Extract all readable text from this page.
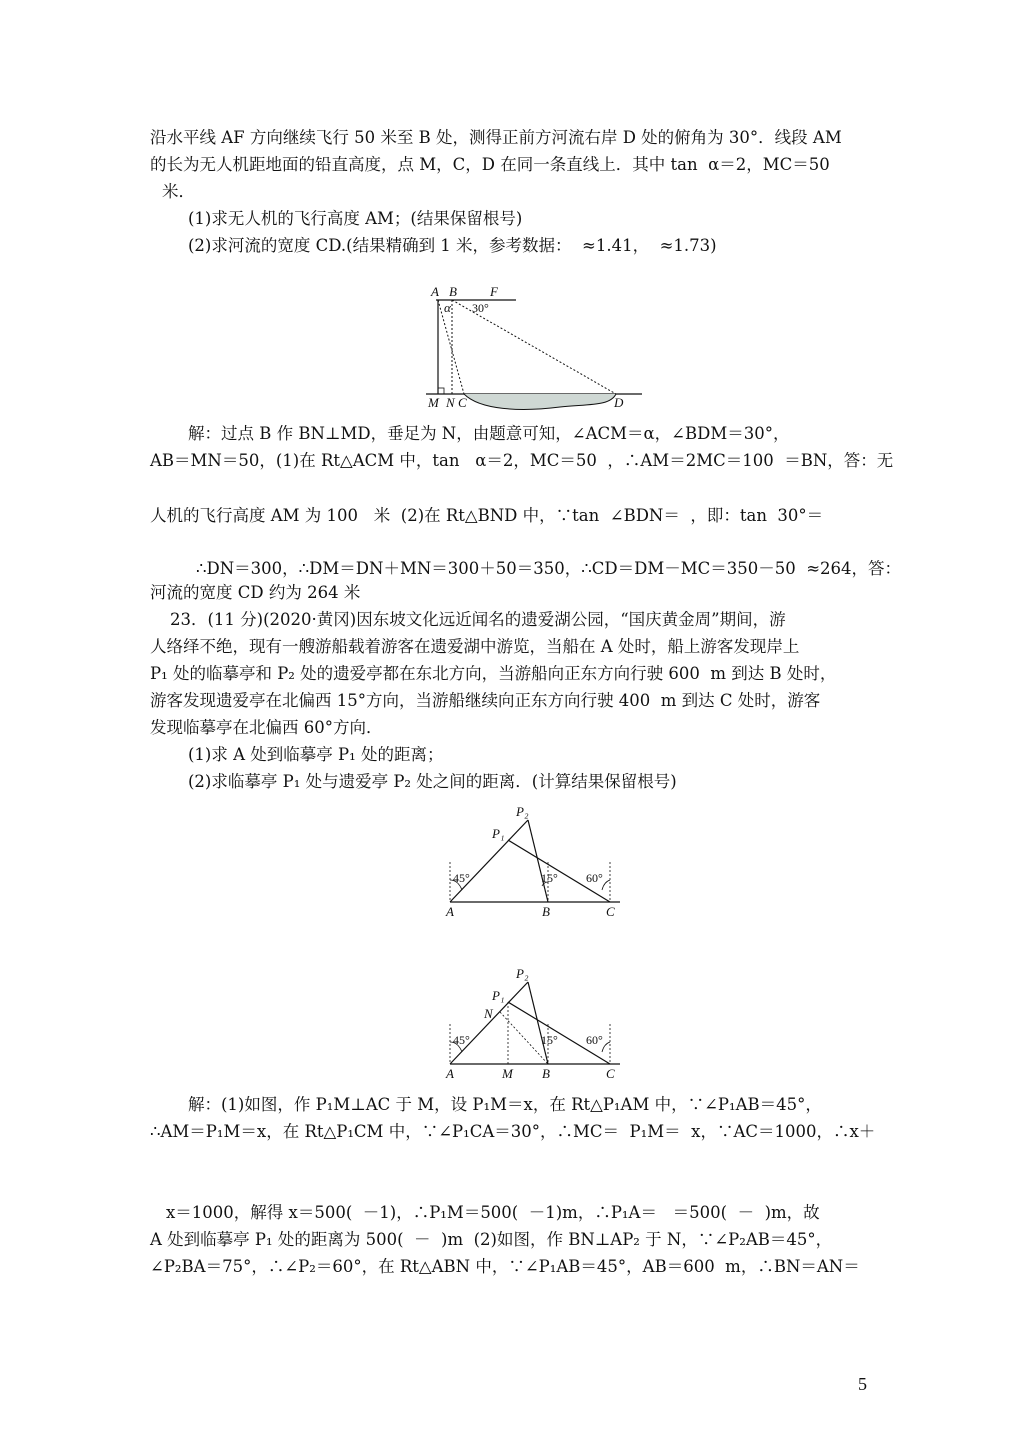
沿水平线 AF 方向继续飞行 50 米至 B 处，测得正前方河流右岸 D 处的俯角为 30°．线段 AM
的长为无人机距地面的铅直高度，点 M，C，D 在同一条直线上．其中 tan  α＝2，MC＝50
米．
(1)求无人机的飞行高度 AM；(结果保留根号)
(2)求河流的宽度 CD.(结果精确到 1 米，参考数据：  ≈1.41，  ≈1.73)
A B	F
α 30°
M N C	D
解：过点 B 作 BN⊥MD，垂足为 N，由题意可知，∠ACM＝α，∠BDM＝30°，
AB＝MN＝50，(1)在 Rt△ACM 中，tan   α＝2，MC＝50  ，∴AM＝2MC＝100  ＝BN，答：无
人机的飞行高度 AM 为 100   米  (2)在 Rt△BND 中，∵tan  ∠BDN＝  ，即：tan  30°＝
∴DN＝300，∴DM＝DN＋MN＝300＋50＝350，∴CD＝DM－MC＝350－50  ≈264，答：
河流的宽度 CD 约为 264 米
23．(11 分)(2020·黄冈)因东坡文化远近闻名的遗爱湖公园，“国庆黄金周”期间，游
人络绎不绝，现有一艘游船载着游客在遗爱湖中游览，当船在 A 处时，船上游客发现岸上
P₁ 处的临摹亭和 P₂ 处的遗爱亭都在东北方向，当游船向正东方向行驶 600  m 到达 B 处时，
游客发现遗爱亭在北偏西 15°方向，当游船继续向正东方向行驶 400  m 到达 C 处时，游客
发现临摹亭在北偏西 60°方向．
(1)求 A 处到临摹亭 P₁ 处的距离；
(2)求临摹亭 P₁ 处与遗爱亭 P₂ 处之间的距离．(计算结果保留根号)
P₂
P₁
45°	15° 60°
A	B	C
P₂
P₁
N
45°	15° 60°
A	M B	C
解：(1)如图，作 P₁M⊥AC 于 M，设 P₁M＝x，在 Rt△P₁AM 中，∵∠P₁AB＝45°，
∴AM＝P₁M＝x，在 Rt△P₁CM 中，∵∠P₁CA＝30°，∴MC＝  P₁M＝  x，∵AC＝1000，∴x＋
x＝1000，解得 x＝500(  －1)，∴P₁M＝500(  －1)m，∴P₁A＝   ＝500(  －  )m，故
A 处到临摹亭 P₁ 处的距离为 500(  －  )m  (2)如图，作 BN⊥AP₂ 于 N，∵∠P₂AB＝45°，
∠P₂BA＝75°，∴∠P₂＝60°，在 Rt△ABN 中，∵∠P₁AB＝45°，AB＝600  m，∴BN＝AN＝
5
